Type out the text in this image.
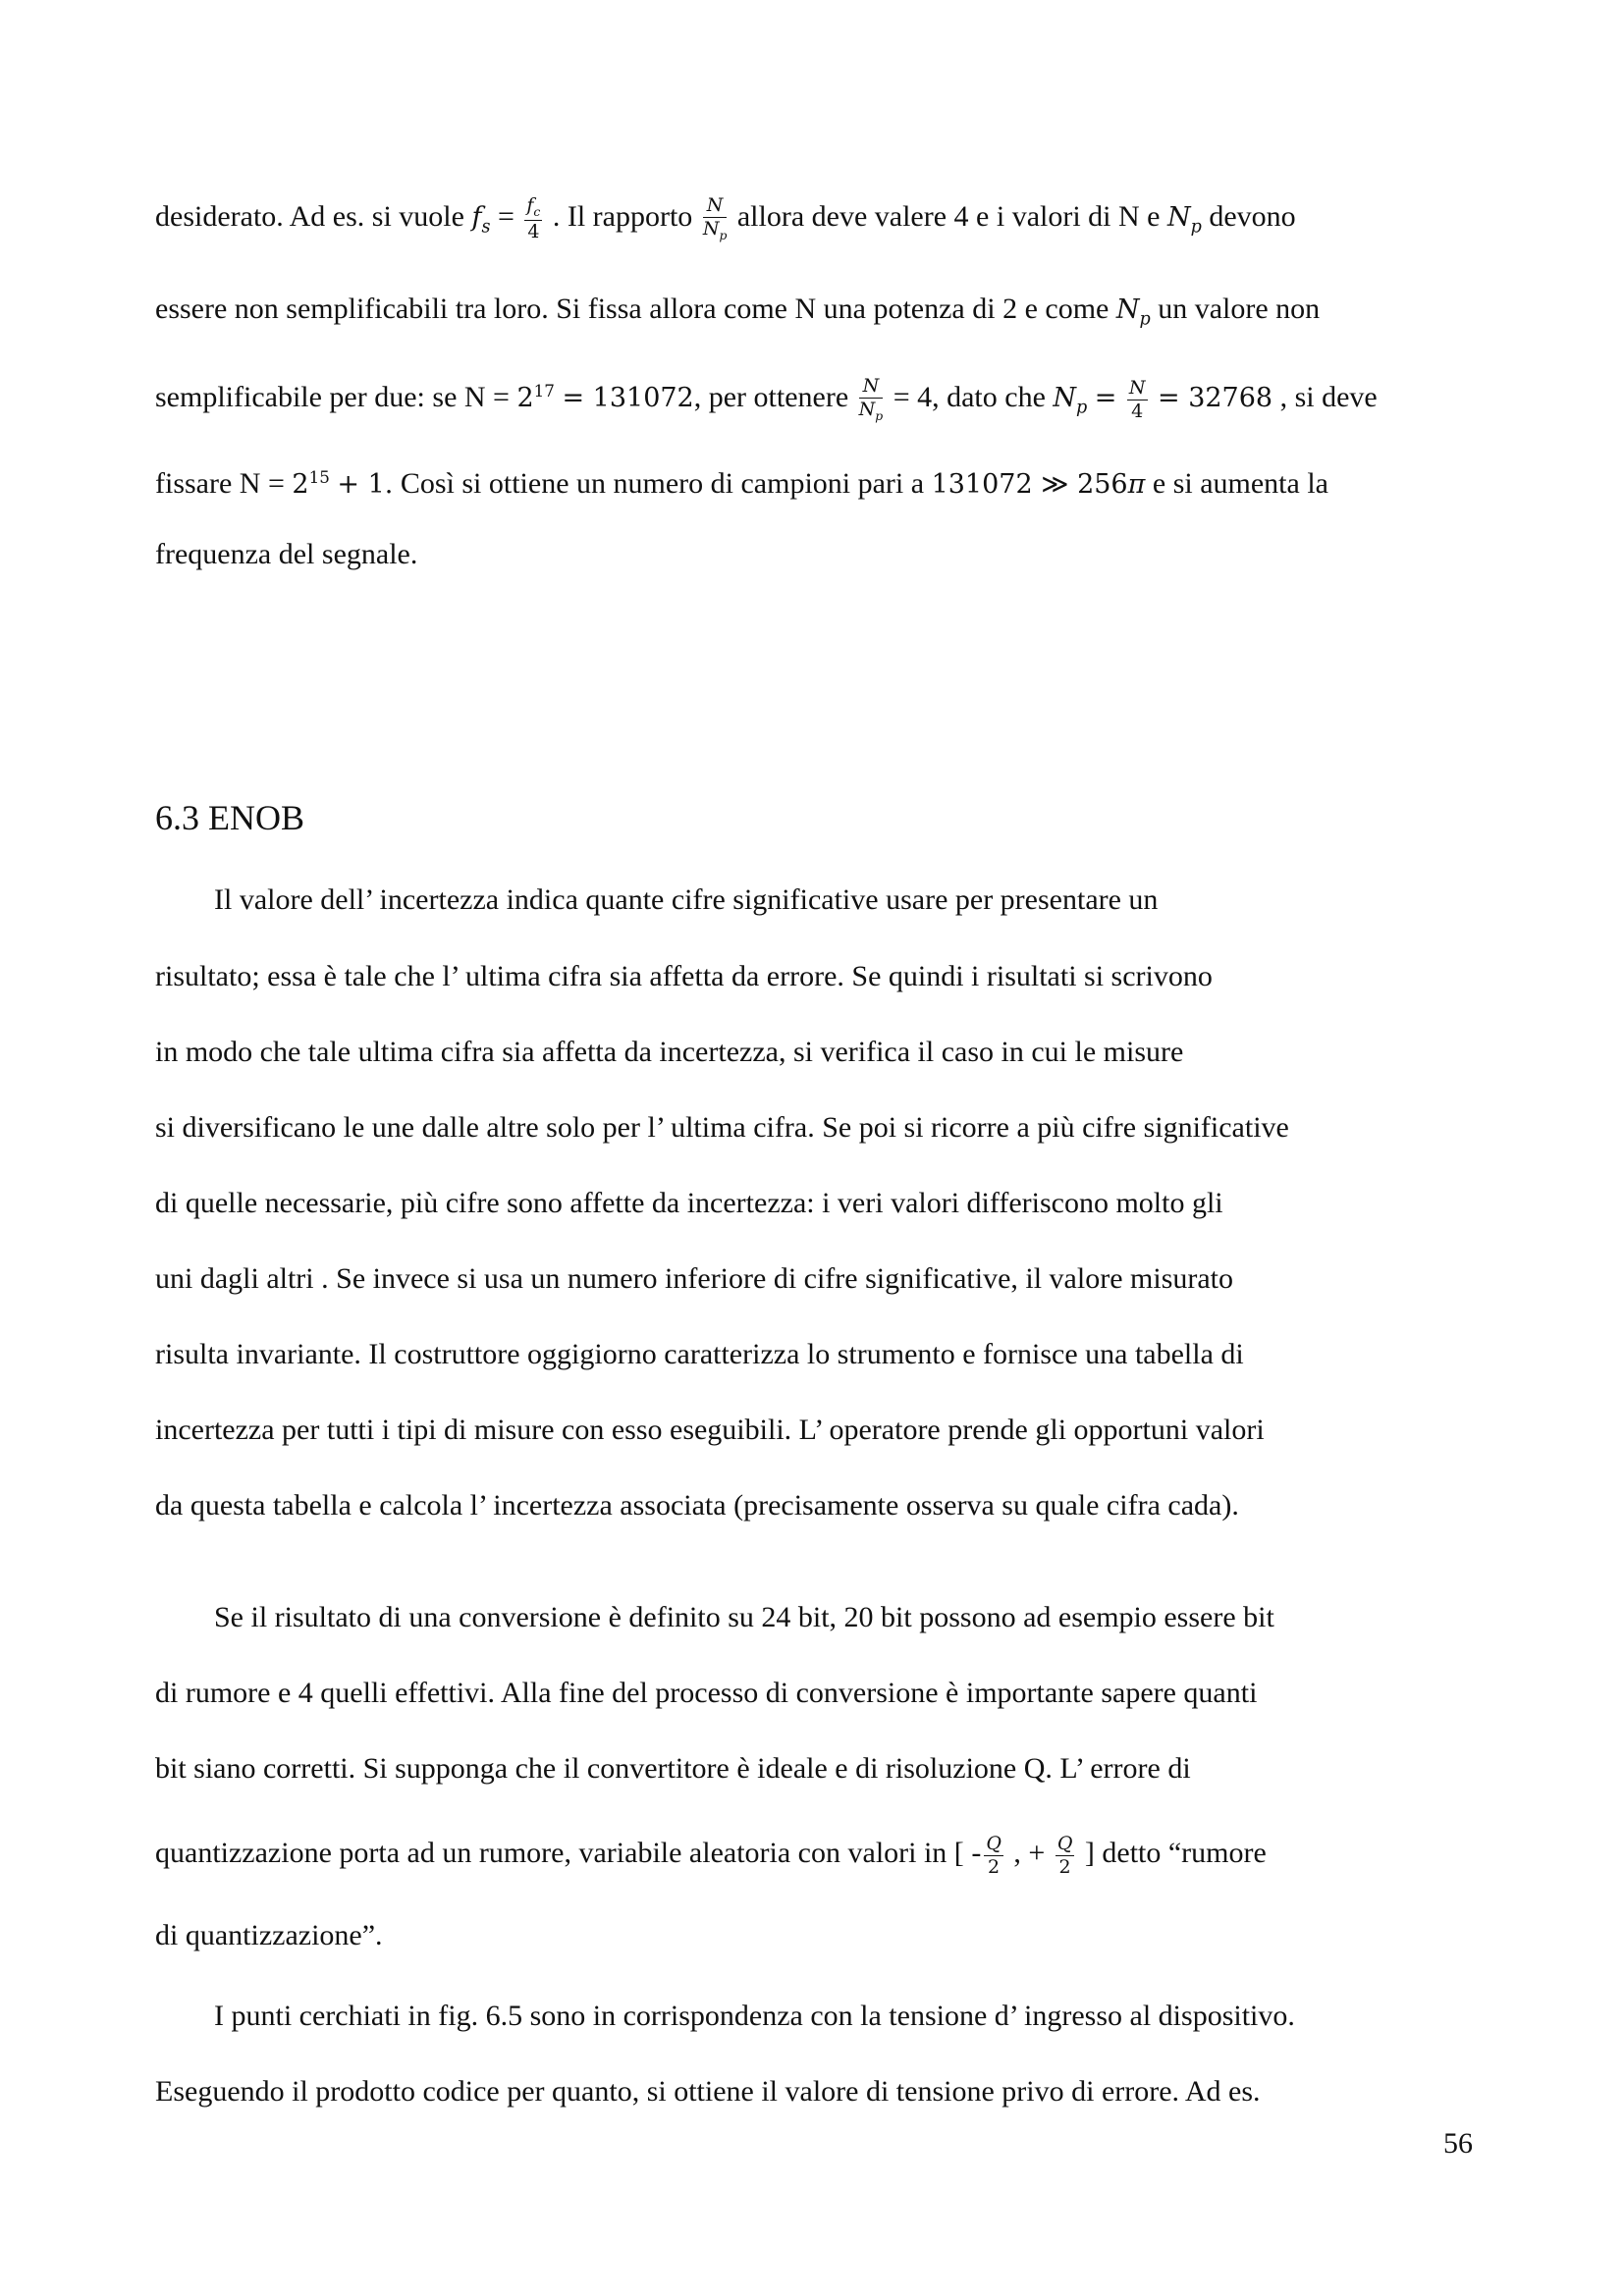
desiderato. Ad es. si vuole $f_s = \frac{f_c}{4}$ . Il rapporto $\frac{N}{N_p}$ allora deve valere 4 e i valori di N e $N_p$ devono
essere non semplificabili tra loro. Si fissa allora come N una potenza di 2 e come $N_p$ un valore non
semplificabile per due: se $N = 2^{17} = 131072$, per ottenere $\frac{N}{N_p} = 4$, dato che $N_p = \frac{N}{4} = 32768$ , si deve
fissare $N = 2^{15} + 1$. Così si ottiene un numero di campioni pari a 131072 ≫ 256π e si aumenta la
frequenza del segnale.
6.3 ENOB
Il valore dell’ incertezza indica quante cifre significative usare per presentare un
risultato; essa è tale che l’ ultima cifra sia affetta da errore. Se quindi i risultati si scrivono
in modo che tale ultima cifra sia affetta da incertezza, si verifica il caso in cui le misure
si diversificano le une dalle altre solo per l’ ultima cifra. Se poi si ricorre a più cifre significative
di quelle necessarie, più cifre sono affette da incertezza: i veri valori differiscono molto gli
uni dagli altri . Se invece si usa un numero inferiore di cifre significative, il valore misurato
risulta invariante. Il costruttore oggigiorno caratterizza lo strumento e fornisce una tabella di
incertezza per tutti i tipi di misure con esso eseguibili. L’ operatore prende gli opportuni valori
da questa tabella e calcola l’ incertezza associata (precisamente osserva su quale cifra cada).
Se il risultato di una conversione è definito su 24 bit, 20 bit possono ad esempio essere bit
di rumore e 4 quelli effettivi. Alla fine del processo di conversione è importante sapere quanti
bit siano corretti. Si supponga che il convertitore è ideale e di risoluzione Q. L’ errore di
quantizzazione porta ad un rumore, variabile aleatoria con valori in [ - $\frac{Q}{2}$ , + $\frac{Q}{2}$ ] detto “rumore
di quantizzazione”.
I punti cerchiati in fig. 6.5 sono in corrispondenza con la tensione d’ ingresso al dispositivo.
Eseguendo il prodotto codice per quanto, si ottiene il valore di tensione privo di errore. Ad es.
56
